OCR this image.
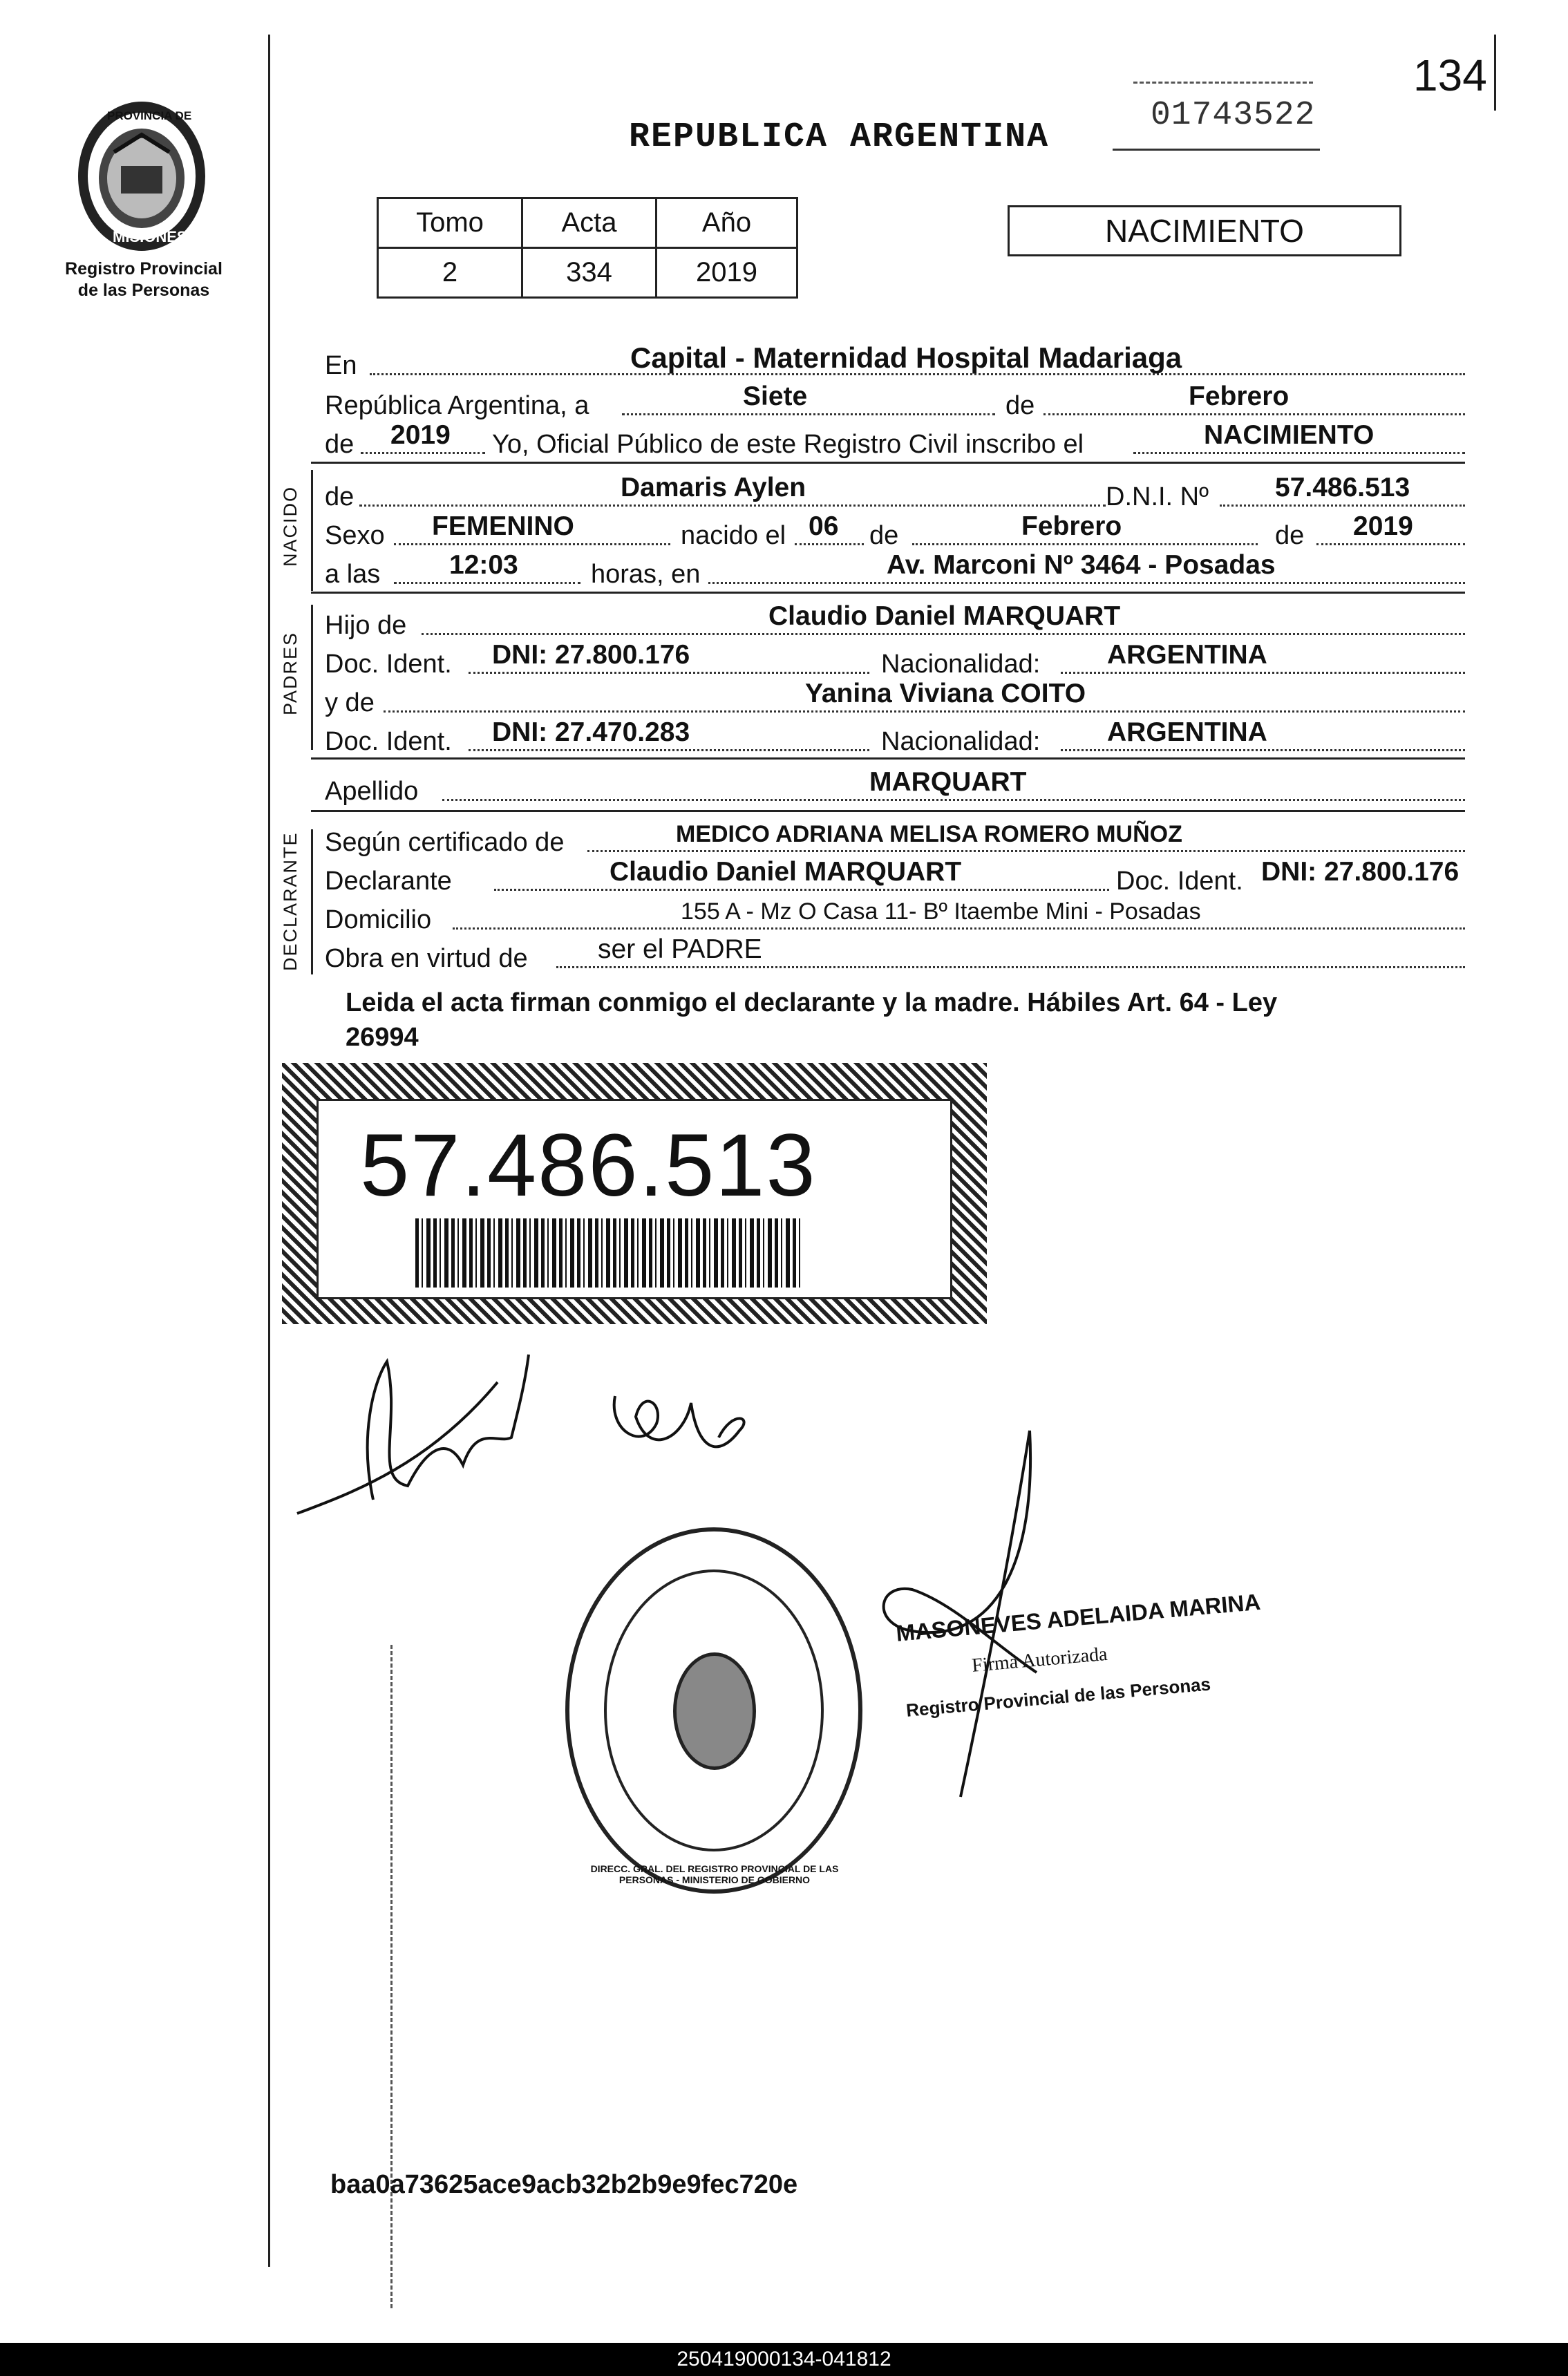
134
PROVINCIA DE
MISIONES
Registro Provincial
de las Personas
REPUBLICA ARGENTINA
01743522
Tomo	Acta	Año
2	334	2019
NACIMIENTO
En	Capital - Maternidad Hospital Madariaga
República Argentina, a	Siete	de	Febrero
de 2019 Yo, Oficial Público de este Registro Civil inscribo el	NACIMIENTO
NACIDO de	Damaris Aylen	D.N.I. Nº 57.486.513
Sexo FEMENINO	nacido el 06 de	Febrero	de 2019
a las	12:03	horas, en	Av. Marconi Nº 3464 - Posadas
PADRES
Hijo de	Claudio Daniel MARQUART
Doc. Ident. DNI: 27.800.176	Nacionalidad: ARGENTINA
y de	Yanina Viviana COITO
Doc. Ident. DNI: 27.470.283	Nacionalidad: ARGENTINA
Apellido	MARQUART
DECLARANTE Según certificado de	MEDICO ADRIANA MELISA ROMERO MUÑOZ
Declarante	Claudio Daniel MARQUART	Doc. Ident. DNI: 27.800.176
Domicilio	155 A - Mz O Casa 11- Bº Itaembe Mini - Posadas
Obra en virtud de	ser el PADRE
Leida el acta firman conmigo el declarante y la madre. Hábiles Art. 64 - Ley
26994
57.486.513
DIRECC. GRAL. DEL REGISTRO PROVINCIAL DE LAS PERSONAS - MINISTERIO DE GOBIERNO
MASONEVES ADELAIDA MARINA
Firma Autorizada
Registro Provincial de las Personas
baa0a73625ace9acb32b2b9e9fec720e
250419000134-041812
